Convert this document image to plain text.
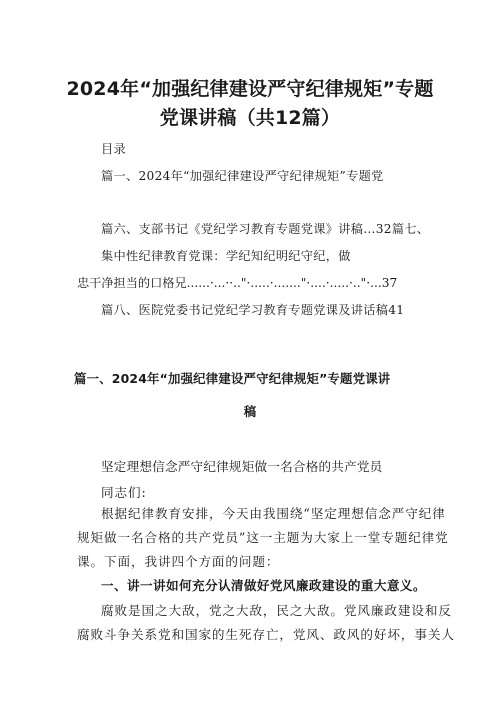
2024年“加强纪律建设严守纪律规矩”专题
党课讲稿（共12篇）
目录
篇一、2024年“加强纪律建设严守纪律规矩”专题党
篇六、支部书记《党纪学习教育专题党课》讲稿…32篇七、
集中性纪律教育党课：学纪知纪明纪守纪，做
忠干净担当的口格兄......·...··.."·.....·......."·....·.....·.."·...37
篇八、医院党委书记党纪学习教育专题党课及讲话稿41
篇一、2024年“加强纪律建设严守纪律规矩”专题党课讲
稿
坚定理想信念严守纪律规矩做一名合格的共产党员
同志们:
根据纪律教育安排，今天由我围绕“坚定理想信念严守纪律
规矩做一名合格的共产党员”这一主题为大家上一堂专题纪律党
课。下面，我讲四个方面的问题：
一、讲一讲如何充分认清做好党风廉政建设的重大意义。
腐败是国之大敌，党之大敌，民之大敌。党风廉政建设和反
腐败斗争关系党和国家的生死存亡，党风、政风的好坏，事关人
